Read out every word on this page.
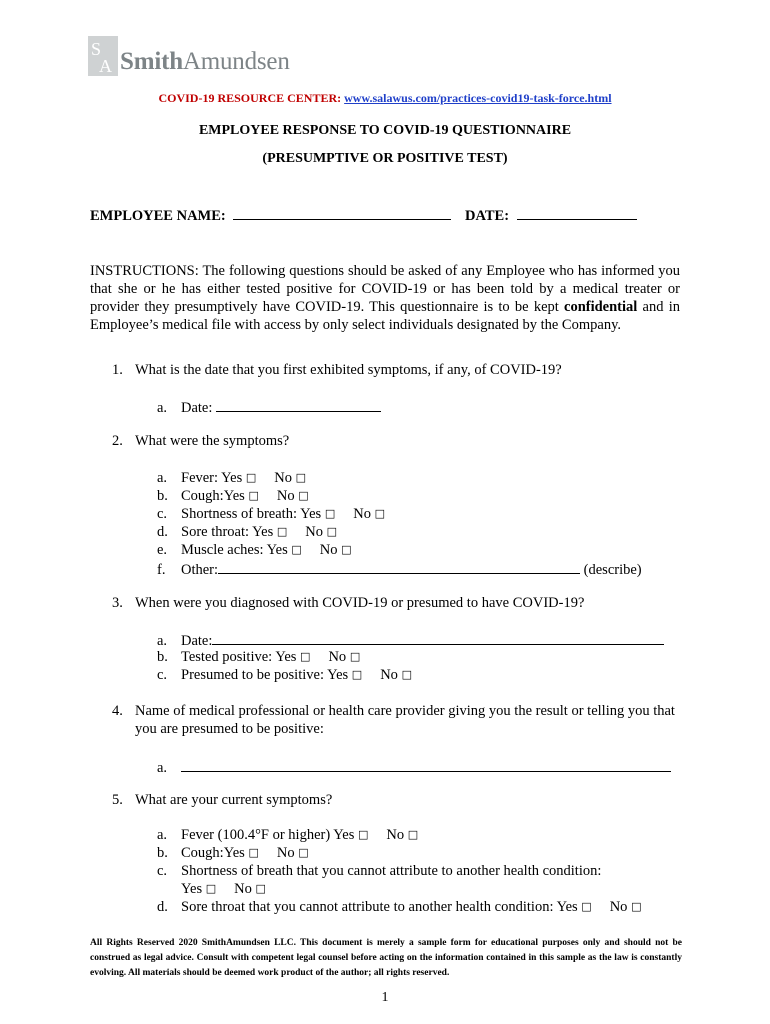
S
A SmithAmundsen
COVID-19 RESOURCE CENTER: www.salawus.com/practices-covid19-task-force.html
EMPLOYEE RESPONSE TO COVID-19 QUESTIONNAIRE
(PRESUMPTIVE OR POSITIVE TEST)
EMPLOYEE NAME:	DATE:
INSTRUCTIONS: The following questions should be asked of any Employee who has informed you that she or he has either tested positive for COVID-19 or has been told by a medical treater or provider they presumptively have COVID-19. This questionnaire is to be kept confidential and in Employee’s medical file with access by only select individuals designated by the Company.
1. What is the date that you first exhibited symptoms, if any, of COVID-19?
a. Date:
2. What were the symptoms?
a. Fever: Yes □ No □
b. Cough:Yes □ No □
c. Shortness of breath: Yes □ No □
d. Sore throat: Yes □ No □
e. Muscle aches: Yes □ No □
f. Other:	(describe)
3. When were you diagnosed with COVID-19 or presumed to have COVID-19?
a. Date:
b. Tested positive: Yes □ No □
c. Presumed to be positive: Yes □ No □
4. Name of medical professional or health care provider giving you the result or telling you that you are presumed to be positive:
a.
5. What are your current symptoms?
a. Fever (100.4°F or higher) Yes □ No □
b. Cough:Yes □ No □
c. Shortness of breath that you cannot attribute to another health condition:
Yes □ No □
d. Sore throat that you cannot attribute to another health condition: Yes □ No □
All Rights Reserved 2020 SmithAmundsen LLC. This document is merely a sample form for educational purposes only and should not be construed as legal advice. Consult with competent legal counsel before acting on the information contained in this sample as the law is constantly evolving. All materials should be deemed work product of the author; all rights reserved.
1
